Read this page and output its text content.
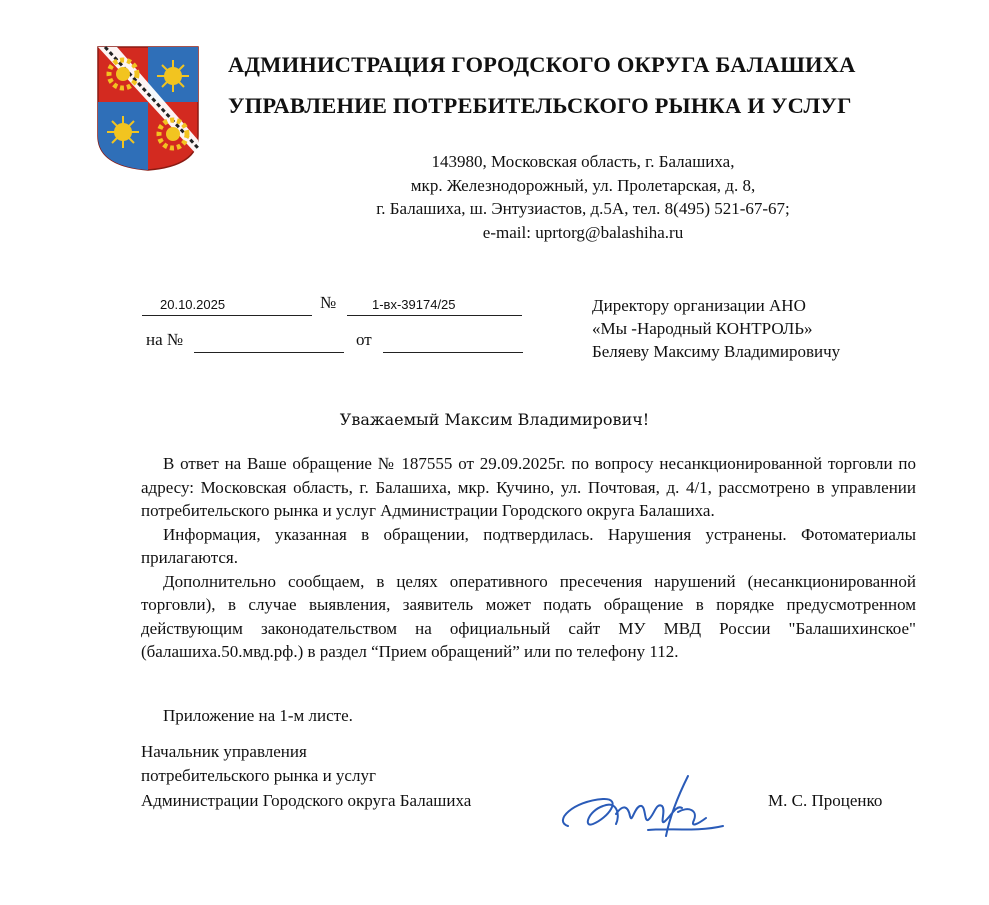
АДМИНИСТРАЦИЯ ГОРОДСКОГО ОКРУГА БАЛАШИХА
УПРАВЛЕНИЕ ПОТРЕБИТЕЛЬСКОГО РЫНКА И УСЛУГ
143980, Московская область, г. Балашиха,
мкр. Железнодорожный, ул. Пролетарская, д. 8,
г. Балашиха, ш. Энтузиастов, д.5А, тел. 8(495) 521-67-67;
e-mail: uprtorg@balashiha.ru
20.10.2025	№	1-вх-39174/25
на №	от
Директору организации АНО
«Мы -Народный КОНТРОЛЬ»
Беляеву Максиму Владимировичу
Уважаемый Максим Владимирович!

В ответ на Ваше обращение № 187555 от 29.09.2025г. по вопросу несанкционированной торговли по адресу: Московская область, г. Балашиха, мкр. Кучино, ул. Почтовая, д. 4/1, рассмотрено в управлении потребительского рынка и услуг Администрации Городского округа Балашиха.

Информация, указанная в обращении, подтвердилась. Нарушения устранены. Фотоматериалы прилагаются.

Дополнительно сообщаем, в целях оперативного пресечения нарушений (несанкционированной торговли), в случае выявления, заявитель может подать обращение в порядке предусмотренном действующим законодательством на официальный сайт МУ МВД России "Балашихинское"(балашиха.50.мвд.рф.) в раздел “Прием обращений” или по телефону 112.

Приложение на 1-м листе.
Начальник управления
потребительского рынка и услуг
Администрации Городского округа Балашиха	М. С. Проценко
